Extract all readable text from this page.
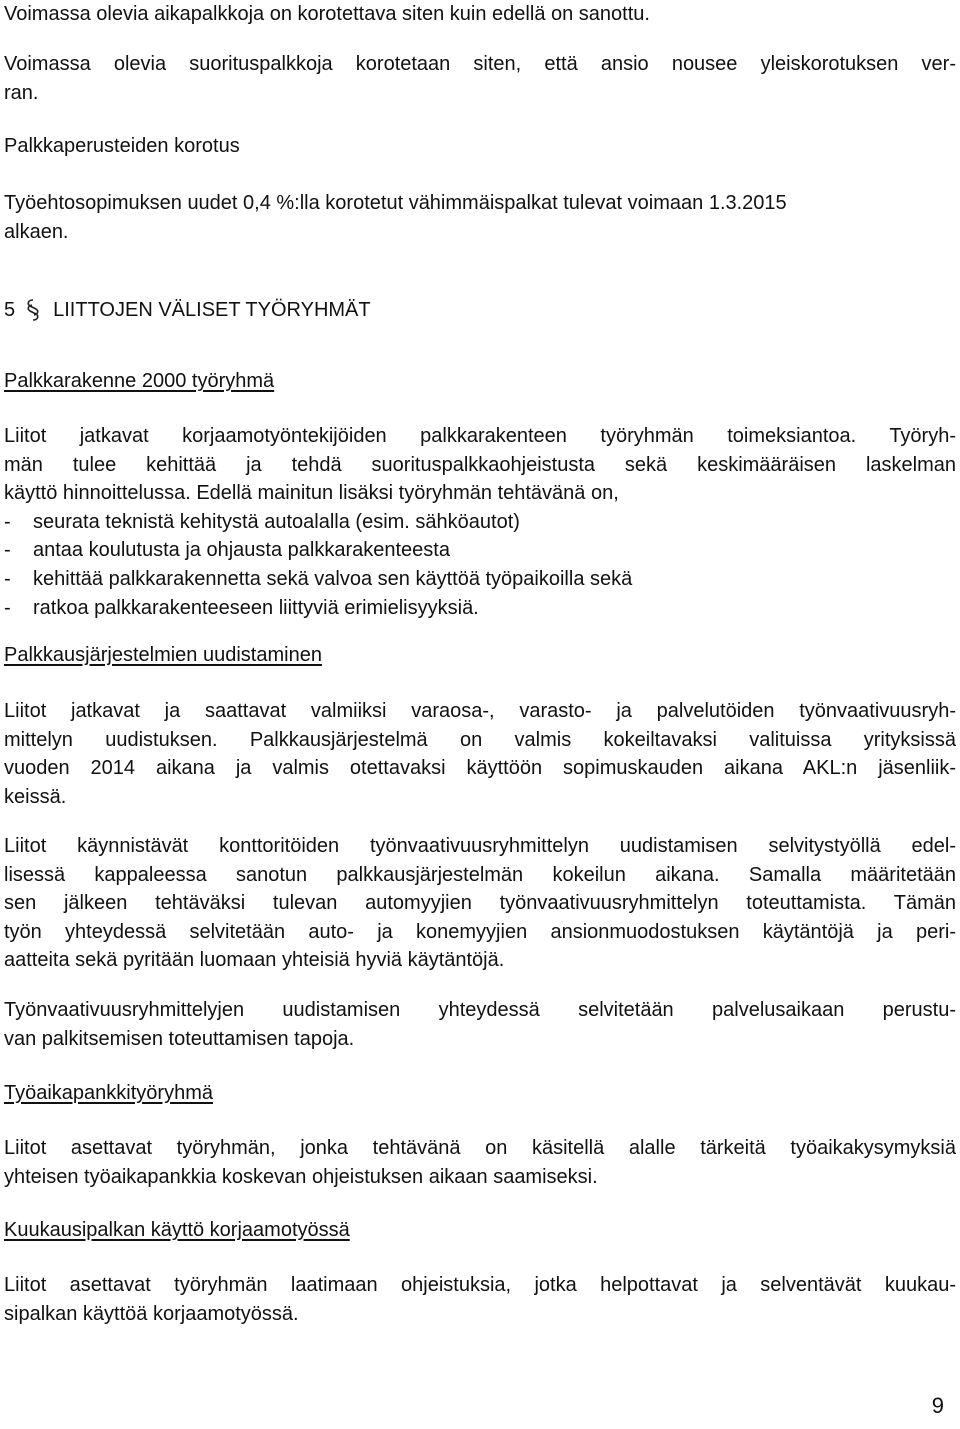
Voimassa olevia aikapalkkoja on korotettava siten kuin edellä on sanottu.

Voimassa olevia suorituspalkkoja korotetaan siten, että ansio nousee yleiskorotuksen ver-

ran.

Palkkaperusteiden korotus

Työehtosopimuksen uudet 0,4 %:lla korotetut vähimmäispalkat tulevat voimaan 1.3.2015

alkaen.

5 LIITTOJEN VÄLISET TYÖRYHMÄT

Palkkarakenne 2000 työryhmä

Liitot jatkavat korjaamotyöntekijöiden palkkarakenteen työryhmän toimeksiantoa. Työryh-

män tulee kehittää ja tehdä suorituspalkkaohjeistusta sekä keskimääräisen laskelman

käyttö hinnoittelussa. Edellä mainitun lisäksi työryhmän tehtävänä on,

-	seurata teknistä kehitystä autoalalla (esim. sähköautot)
-	antaa koulutusta ja ohjausta palkkarakenteesta
-	kehittää palkkarakennetta sekä valvoa sen käyttöä työpaikoilla sekä
-	ratkoa palkkarakenteeseen liittyviä erimielisyyksiä.

Palkkausjärjestelmien uudistaminen

Liitot jatkavat ja saattavat valmiiksi varaosa-, varasto- ja palvelutöiden työnvaativuusryh-

mittelyn uudistuksen. Palkkausjärjestelmä on valmis kokeiltavaksi valituissa yrityksissä

vuoden 2014 aikana ja valmis otettavaksi käyttöön sopimuskauden aikana AKL:n jäsenliik-

keissä.

Liitot käynnistävät konttoritöiden työnvaativuusryhmittelyn uudistamisen selvitystyöllä edel-

lisessä kappaleessa sanotun palkkausjärjestelmän kokeilun aikana. Samalla määritetään

sen jälkeen tehtäväksi tulevan automyyjien työnvaativuusryhmittelyn toteuttamista. Tämän

työn yhteydessä selvitetään auto- ja konemyyjien ansionmuodostuksen käytäntöjä ja peri-

aatteita sekä pyritään luomaan yhteisiä hyviä käytäntöjä.

Työnvaativuusryhmittelyjen uudistamisen yhteydessä selvitetään palvelusaikaan perustu-

van palkitsemisen toteuttamisen tapoja.

Työaikapankkityöryhmä

Liitot asettavat työryhmän, jonka tehtävänä on käsitellä alalle tärkeitä työaikakysymyksiä

yhteisen työaikapankkia koskevan ohjeistuksen aikaan saamiseksi.

Kuukausipalkan käyttö korjaamotyössä

Liitot asettavat työryhmän laatimaan ohjeistuksia, jotka helpottavat ja selventävät kuukau-

sipalkan käyttöä korjaamotyössä.

9
